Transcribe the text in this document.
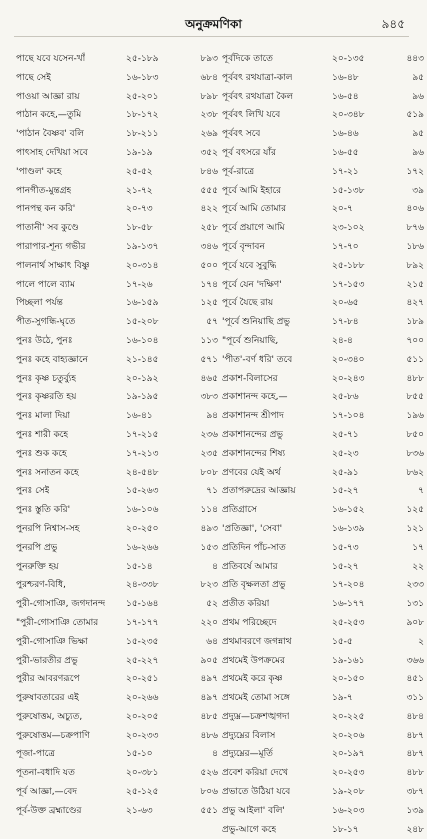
অনুক্রমণিকা	৯৪৫
পাছে যবে যসেন-খাঁ	২৫-১৮৯	৮৯৩
পাছে সেই	১৬-১৮৩	৬৮৪
পাওয়া আজ্ঞা রায়	২৫-২০১	৮৯৮
পাঠান কহে,—তুমি	১৮-১৭২	২৩৮
'পাঠান বৈষ্ণব' বলি	১৮-২১১	২৬৯
পাৎসাহ দেখিয়া সবে	১৯-১৯	৩৫২
'পাণ্ডল' কহে	২৫-৫২	৮৪৬
পানগীত-মুন্তগ্রহ	২১-৭২	৫৫৫
পানপন্থ কন করি'	২০-৭৩	৪২২
পাতানী' সব কুণ্ডে	১৮-৫৮	২৫৮
পারাপার-শূন্য গভীর	১৯-১৩৭	৩৪৬
পালনার্থ সাক্ষাৎ বিষ্ণু	২০-৩১৪	৫০০
পালে পালে ব্যাম	১৭-২৬	১৭৪
পিচ্ছলা পর্যন্ত	১৬-১৫৯	১২৫
পীত-সুগন্ধি-ঘৃতে	১৫-২০৮	৫৭
পুনঃ উঠে, পুনঃ	১৬-১০৪	১১৩
পুনঃ কহে বাহ্যজ্ঞানে	২১-১৪৫	৫৭১
পুনঃ কৃষ্ণ চতুর্ব্যুহ	২০-১৯২	৪৬৫
পুনঃ কৃষ্ণরতি হয়	১৯-১৯৫	৩৮৩
পুনঃ মালা দিয়া	১৬-৪১	৯৪
পুনঃ শারী কহে	১৭-২১৫	২৩৬
পুনঃ শুক কহে	১৭-২১৩	২৩৫
পুনঃ সনাতন কহে	২৪-৫৪৮	৮০৮
পুনঃ সেই	১৫-২৬৩	৭১
পুনঃ স্তুতি করি'	১৬-১০৬	১১৪
পুনরপি নিশ্বাস-সহ	২০-২৫০	৪৯৩
পুনরপি প্রভু	১৬-২৬৬	১৫৩
পুনরুক্তি হয়	১৫-১৪	৪
পুরশ্চরণ-বিধি,	২৪-৩৩৮	৮২৩
পুরী-গোসাঞি, জগদানন্দ ১৫-১৬৪	৫২
"পুরী-গোসাঞি তোমার	১৭-১৭৭	২২০
পুরী-গোসাঞি ভিক্ষা	১৫-২৩৫	৬৪
পুরী-ভারতীর প্রভু	২৫-২২৭	৯০৫
পুরীর আবরণরূপে	২০-২৫১	৪৯৭
পুরুষাবতারের এই	২০-২৬৬	৪৯৭
পুরুষোত্তম, অচ্যুত,	২০-২০৫	৪৮৫
পুরুষোত্তম—চক্রপাণি	২০-২৩৩	৪৮৬
পূজা-পাত্রে	১৫-১০	৪
পূতনা-বধাদি যত	২০-৩৮১	৫২৬
পূর্ব আজ্ঞা,—বেদ	২৫-১২৫	৮০৬
পূর্ব-উক্ত ব্রহ্মাণ্ডের	২১-৬৩	৫৫১
পূর্বদিকে তাতে	২০-১৩৫	৪৪৩
পূর্ববৎ রথযাত্রা-কাল	১৬-৪৮	৯৫
পূর্ববৎ রথযাত্রা কৈল	১৬-৫৪	৯৬
পূর্ববৎ লিখি যবে	২০-৩৪৮	৫১৯
পূর্ববৎ সবে	১৬-৪৬	৯৫
পূর্ব বৎসরে যাঁর	১৬-৫৫	৯৬
পূর্ব-রাত্রে	১৭-২১	১৭২
পূর্বে আমি ইহারে	১৫-১৩৮	৩৯
পূর্বে আমি তোমার	২০-৭	৪০৬
পূর্বে প্রয়াগে আমি	২৩-১০২	৮৭৬
পূর্বে বৃন্দাবন	১৭-৭০	১৮৬
পূর্বে যবে সুবুদ্ধি	২৫-১৮৮	৮৯২
পূর্বে যেন 'দক্ষিণ'	১৭-১৫৩	২১৫
পূর্বে যৈছে রায়	২০-৬৫	৪২৭
'পূর্বে শুনিয়াছি প্রভু	১৭-৮৪	১৮৯
"পূর্বে শুনিয়াছি,	২৪-৪	৭০০
'পীত'-বর্ণ ধরি' তবে	২০-৩৪০	৫১১
প্রকাশ-বিলাসের	২০-২৪৩	৪৮৮
প্রকাশানন্দ কহে,—	২৫-৮৬	৮৫৫
প্রকাশানন্দ শ্রীপাদ	১৭-১০৪	১৯৬
প্রকাশানন্দের প্রভু	২৫-৭১	৮৫০
প্রকাশানন্দের শিষ্য	২৫-২৩	৮৩৬
প্রণবের যেই অর্থ	২৫-৯১	৮৬২
প্রতাপরুদ্রের আজ্ঞায়	১৫-২৭	৭
প্রতিগ্রাসে	১৬-১৫২	১২৫
'প্রতিজ্ঞা', 'সেবা'	১৬-১৩৯	১২১
প্রতিদিন পাঁচ-সাত	১৫-৭৩	১৭
প্রতিবর্ষে আমার	১৫-২৭	২২
প্রতি বৃক্ষলতা প্রভু	১৭-২০৪	২৩৩
প্রতীত করিয়া	১৬-১৭৭	১৩১
প্রথম পরিচ্ছেদে	২৫-২৫৩	৯০৮
প্রথমাবরণে জগন্নাথ	১৫-৫	২
প্রথমেই উপক্রমের	১৯-১৬১	৩৬৬
প্রথমেই করে কৃষ্ণ	২০-১৫০	৪৫১
প্রথমেই তোমা সঙ্গে	১৯-৭	৩১১
প্রদ্যুম্ন—চক্রশঙ্খগদা	২০-২২৫	৪৮৪
প্রদ্যুম্নের বিলাস	২০-২০৬	৪৮৭
প্রদ্যুম্নের—মূর্তি	২০-১৯৭	৪৮৭
প্রবেশ করিয়া দেখে	২০-২৫৩	৪৮৮
প্রভাতে উঠিয়া যবে	১৯-২০৮	৩৮৭
প্রভু আইলা' বলি'	১৬-২০৩	১৩৯
প্রভু-আগে কহে	১৮-১৭	২৪৮
